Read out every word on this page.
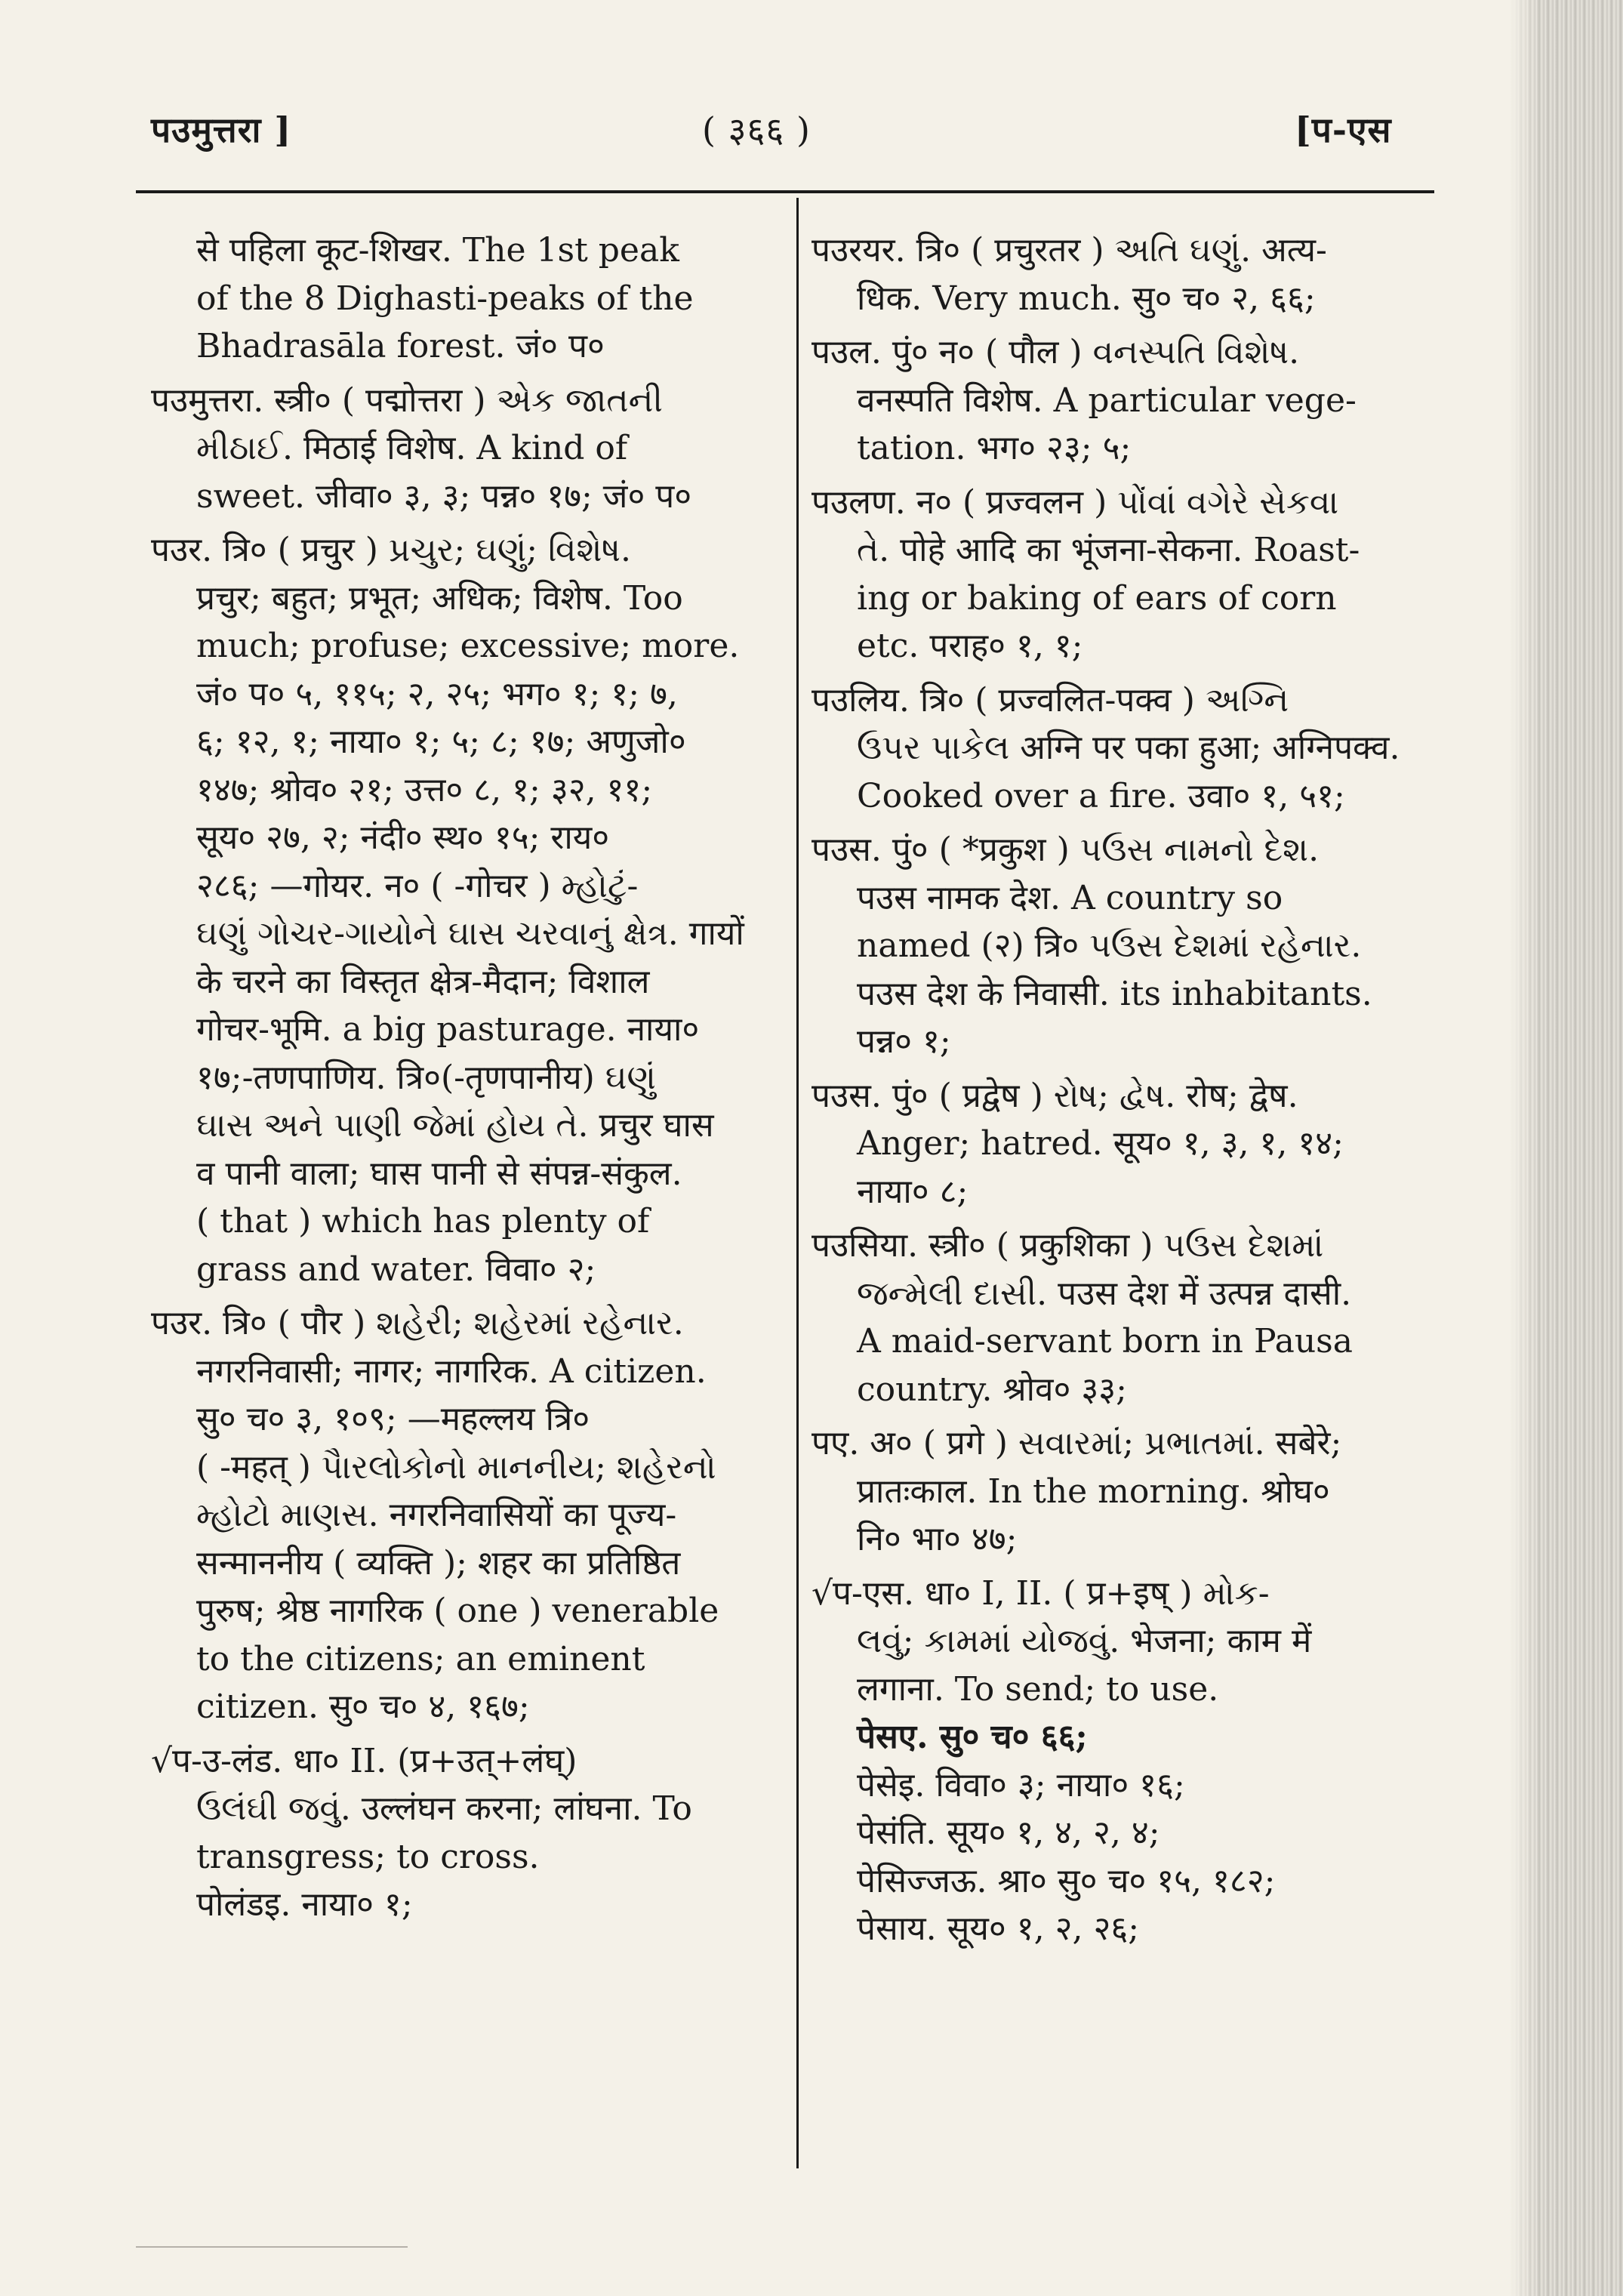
पउमुत्तरा ]	( ३६६ )	[प-एस
से पहिला कूट-शिखर. The 1st peak
of the 8 Dighasti-peaks of the
Bhadrasāla forest. जं० प०
पउमुत्तरा. स्त्री० ( पद्मोत्तरा ) એક જાતની
મીઠાઈ. मिठाई विशेष. A kind of
sweet. जीवा० ३, ३; पन्न० १७; जं० प०
पउर. त्रि० ( प्रचुर ) પ્રચુર; ઘણું; વિશેષ.
प्रचुर; बहुत; प्रभूत; अधिक; विशेष. Too
much; profuse; excessive; more.
जं० प० ५, ११५; २, २५; भग० १; १; ७,
६; १२, १; नाया० १; ५; ८; १७; अणुजो०
१४७; श्रोव० २१; उत्त० ८, १; ३२, ११;
सूय० २७, २; नंदी० स्थ० १५; राय०
२८६; —गोयर. न० ( -गोचर ) મ્હોટું-
ઘણું ગોચર-ગાયોને ઘાસ ચરવાનું ક્ષેત્ર. गायों
के चरने का विस्तृत क्षेत्र-मैदान; विशाल
गोचर-भूमि. a big pasturage. नाया०
१७;-तणपाणिय. त्रि०(-तृणपानीय) ઘણું
ઘાસ અને પાણી જેમાં હોય તે. प्रचुर घास
व पानी वाला; घास पानी से संपन्न-संकुल.
( that ) which has plenty of
grass and water. विवा० २;
पउर. त्रि० ( पौर ) શહેરી; શહેરમાં રહેનાર.
नगरनिवासी; नागर; नागरिक. A citizen.
सु० च० ३, १०९; —महल्लय त्रि०
( -महत् ) પૈારલોકોનો માનનીય; શહેરનો
મ્હોટો માણસ. नगरनिवासियों का पूज्य-
सन्माननीय ( व्यक्ति ); शहर का प्रतिष्ठित
पुरुष; श्रेष्ठ नागरिक ( one ) venerable
to the citizens; an eminent
citizen. सु० च० ४, १६७;
√प-उ-लंड. धा० II. (प्र+उत्+लंघ्)
ઉલંઘી જવું. उल्लंघन करना; लांघना. To
transgress; to cross.
पोलंडइ. नाया० १;
पउरयर. त्रि० ( प्रचुरतर ) અતિ ઘણું. अत्य-
धिक. Very much. सु० च० २, ६६;
पउल. पुं० न० ( पौल ) વનસ્પતિ વિશેષ.
वनस्पति विशेष. A particular vege-
tation. भग० २३; ५;
पउलण. न० ( प्रज्वलन ) પોંવાં વગેરે સેકવા
તે. पोहे आदि का भूंजना-सेकना. Roast-
ing or baking of ears of corn
etc. पराह० १, १;
पउलिय. त्रि० ( प्रज्वलित-पक्व ) અગ્નિ
ઉપર પાકેલ अग्नि पर पका हुआ; अग्निपक्व.
Cooked over a fire. उवा० १, ५१;
पउस. पुं० ( *प्रकुश ) પઉસ નામનો દેશ.
पउस नामक देश. A country so
named (२) त्रि० પઉસ દેશમાં રહેનાર.
पउस देश के निवासी. its inhabitants.
पन्न० १;
पउस. पुं० ( प्रद्वेष ) રોષ; દ્વેષ. रोष; द्वेष.
Anger; hatred. सूय० १, ३, १, १४;
नाया० ८;
पउसिया. स्त्री० ( प्रकुशिका ) પઉસ દેશમાં
જન્મેલી દાસી. पउस देश में उत्पन्न दासी.
A maid-servant born in Pausa
country. श्रोव० ३३;
पए. अ० ( प्रगे ) સવારમાં; પ્રભાતમાં. सबेरे;
प्रातःकाल. In the morning. श्रोघ०
नि० भा० ४७;
√प-एस. धा० I, II. ( प्र+इष् ) મોક-
લવું; કામમાં યોજવું. भेजना; काम में
लगाना. To send; to use.
पेसए. सु० च० ६६;
पेसेइ. विवा० ३; नाया० १६;
पेसंति. सूय० १, ४, २, ४;
पेसिज्जऊ. श्रा० सु० च० १५, १८२;
पेसाय. सूय० १, २, २६;
